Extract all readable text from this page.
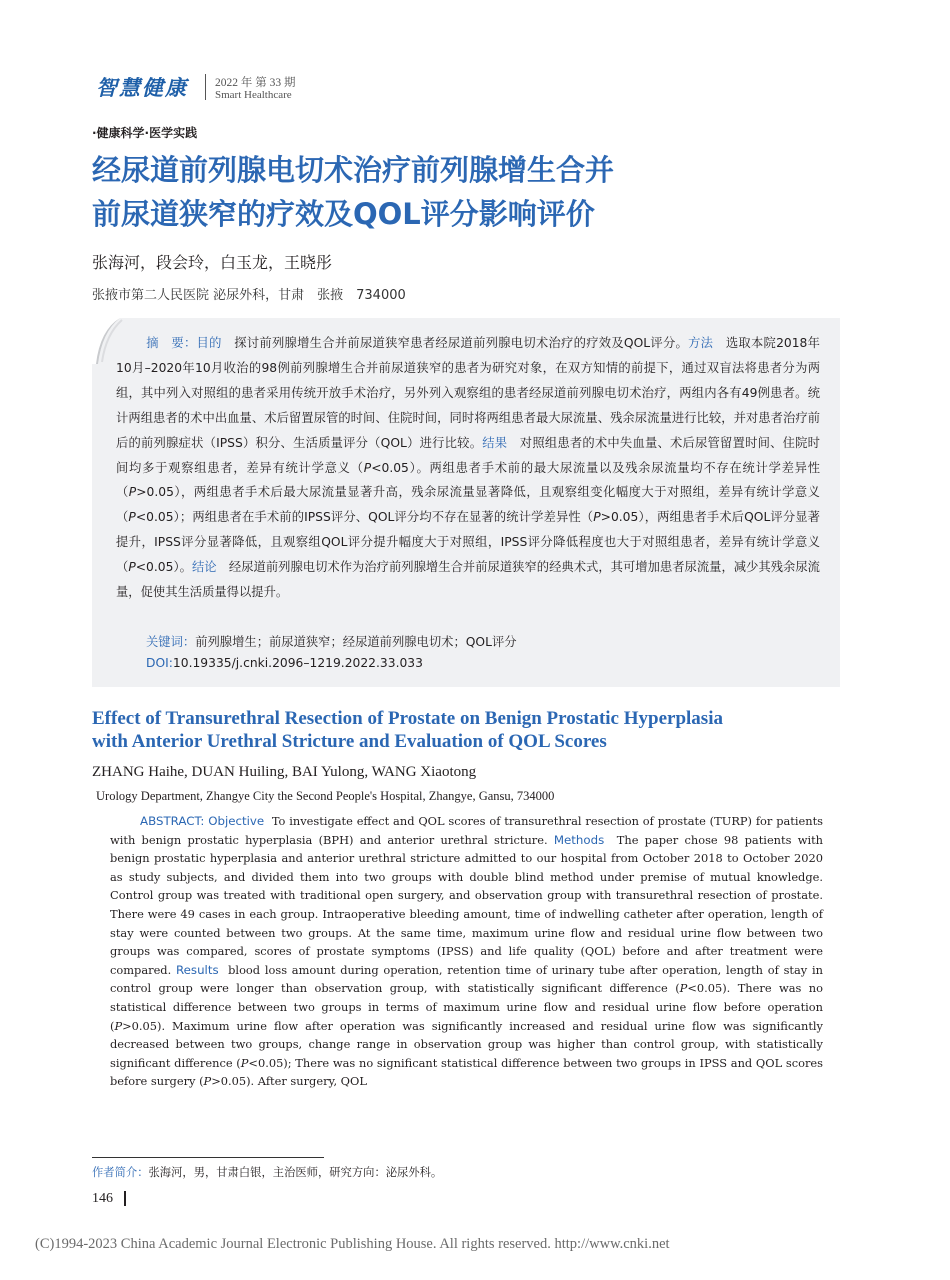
智慧健康 2022 年 第 33 期
Smart Healthcare
·健康科学·医学实践
经尿道前列腺电切术治疗前列腺增生合并
前尿道狭窄的疗效及QOL评分影响评价
张海河，段会玲，白玉龙，王晓彤
张掖市第二人民医院 泌尿外科，甘肃　张掖　734000
摘　要：目的　 探讨前列腺增生合并前尿道狭窄患者经尿道前列腺电切术治疗的疗效及QOL评分。方法　 选取本院2018年10月–2020年10月收治的98例前列腺增生合并前尿道狭窄的患者为研究对象，在双方知情的前提下，通过双盲法将患者分为两组，其中列入对照组的患者采用传统开放手术治疗，另外列入观察组的患者经尿道前列腺电切术治疗，两组内各有49例患者。统计两组患者的术中出血量、术后留置尿管的时间、住院时间，同时将两组患者最大尿流量、残余尿流量进行比较，并对患者治疗前后的前列腺症状（IPSS）积分、生活质量评分（QOL）进行比较。结果　 对照组患者的术中失血量、术后尿管留置时间、住院时间均多于观察组患者，差异有统计学意义（P<0.05）。两组患者手术前的最大尿流量以及残余尿流量均不存在统计学差异性（P>0.05），两组患者手术后最大尿流量显著升高，残余尿流量显著降低，且观察组变化幅度大于对照组，差异有统计学意义（P<0.05）；两组患者在手术前的IPSS评分、QOL评分均不存在显著的统计学差异性（P>0.05），两组患者手术后QOL评分显著提升，IPSS评分显著降低，且观察组QOL评分提升幅度大于对照组，IPSS评分降低程度也大于对照组患者，差异有统计学意义（P<0.05）。结论　 经尿道前列腺电切术作为治疗前列腺增生合并前尿道狭窄的经典术式，其可增加患者尿流量，减少其残余尿流量，促使其生活质量得以提升。
关键词：前列腺增生；前尿道狭窄；经尿道前列腺电切术；QOL评分
DOI:10.19335/j.cnki.2096–1219.2022.33.033
Effect of Transurethral Resection of Prostate on Benign Prostatic Hyperplasia
with Anterior Urethral Stricture and Evaluation of QOL Scores
ZHANG Haihe, DUAN Huiling, BAI Yulong, WANG Xiaotong
Urology Department, Zhangye City the Second People's Hospital, Zhangye, Gansu, 734000
ABSTRACT: Objective To investigate effect and QOL scores of transurethral resection of prostate (TURP) for patients with benign prostatic hyperplasia (BPH) and anterior urethral stricture. Methods The paper chose 98 patients with benign prostatic hyperplasia and anterior urethral stricture admitted to our hospital from October 2018 to October 2020 as study subjects, and divided them into two groups with double blind method under premise of mutual knowledge. Control group was treated with traditional open surgery, and observation group with transurethral resection of prostate. There were 49 cases in each group. Intraoperative bleeding amount, time of indwelling catheter after operation, length of stay were counted between two groups. At the same time, maximum urine flow and residual urine flow between two groups was compared, scores of prostate symptoms (IPSS) and life quality (QOL) before and after treatment were compared. Results blood loss amount during operation, retention time of urinary tube after operation, length of stay in control group were longer than observation group, with statistically significant difference (P<0.05). There was no statistical difference between two groups in terms of maximum urine flow and residual urine flow before operation (P>0.05). Maximum urine flow after operation was significantly increased and residual urine flow was significantly decreased between two groups, change range in observation group was higher than control group, with statistically significant difference (P<0.05); There was no significant statistical difference between two groups in IPSS and QOL scores before surgery (P>0.05). After surgery, QOL
作者简介：张海河，男，甘肃白银，主治医师，研究方向：泌尿外科。
146
(C)1994-2023 China Academic Journal Electronic Publishing House. All rights reserved. http://www.cnki.net
